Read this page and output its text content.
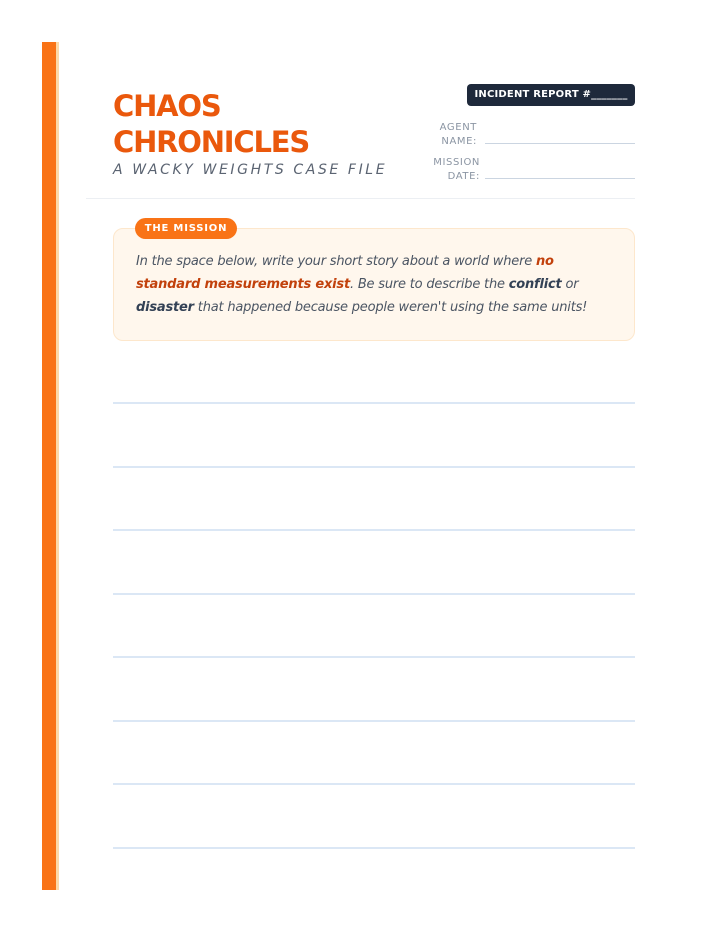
CHAOS
CHRONICLES
A WACKY WEIGHTS CASE FILE
INCIDENT REPORT #_______
AGENT
NAME:
MISSION
DATE:
THE MISSION

In the space below, write your short story about a world where no standard measurements exist. Be sure to describe the conflict or disaster that happened because people weren't using the same units!
